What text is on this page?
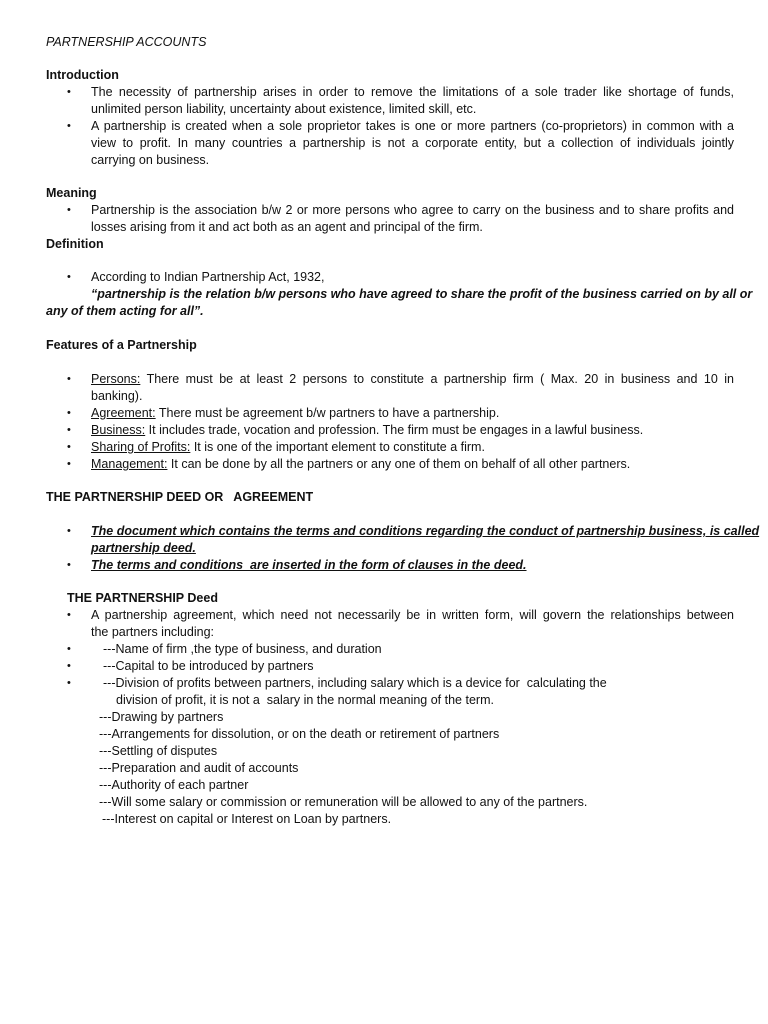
PARTNERSHIP ACCOUNTS
Introduction
• The necessity of partnership arises in order to remove the limitations of a sole trader like shortage of funds,
unlimited person liability, uncertainty about existence, limited skill, etc.
• A partnership is created when a sole proprietor takes is one or more partners (co-proprietors) in common with a
view to profit. In many countries a partnership is not a corporate entity, but a collection of individuals jointly
carrying on business.
Meaning
• Partnership is the association b/w 2 or more persons who agree to carry on the business and to share profits and
losses arising from it and act both as an agent and principal of the firm.
Definition
• According to Indian Partnership Act, 1932,
“partnership is the relation b/w persons who have agreed to share the profit of the business carried on by all or
any of them acting for all”.
Features of a Partnership
• Persons: There must be at least 2 persons to constitute a partnership firm ( Max. 20 in business and 10 in
banking).
• Agreement: There must be agreement b/w partners to have a partnership.
• Business: It includes trade, vocation and profession. The firm must be engages in a lawful business.
• Sharing of Profits: It is one of the important element to constitute a firm.
• Management: It can be done by all the partners or any one of them on behalf of all other partners.
THE PARTNERSHIP DEED OR   AGREEMENT
• The document which contains the terms and conditions regarding the conduct of partnership business, is called
partnership deed.
• The terms and conditions  are inserted in the form of clauses in the deed.
THE PARTNERSHIP Deed
• A partnership agreement, which need not necessarily be in written form, will govern the relationships between
the partners including:
•	---Name of firm ,the type of business, and duration
•	---Capital to be introduced by partners
•	---Division of profits between partners, including salary which is a device for  calculating the
division of profit, it is not a  salary in the normal meaning of the term.
---Drawing by partners
---Arrangements for dissolution, or on the death or retirement of partners
---Settling of disputes
---Preparation and audit of accounts
---Authority of each partner
---Will some salary or commission or remuneration will be allowed to any of the partners.
---Interest on capital or Interest on Loan by partners.
